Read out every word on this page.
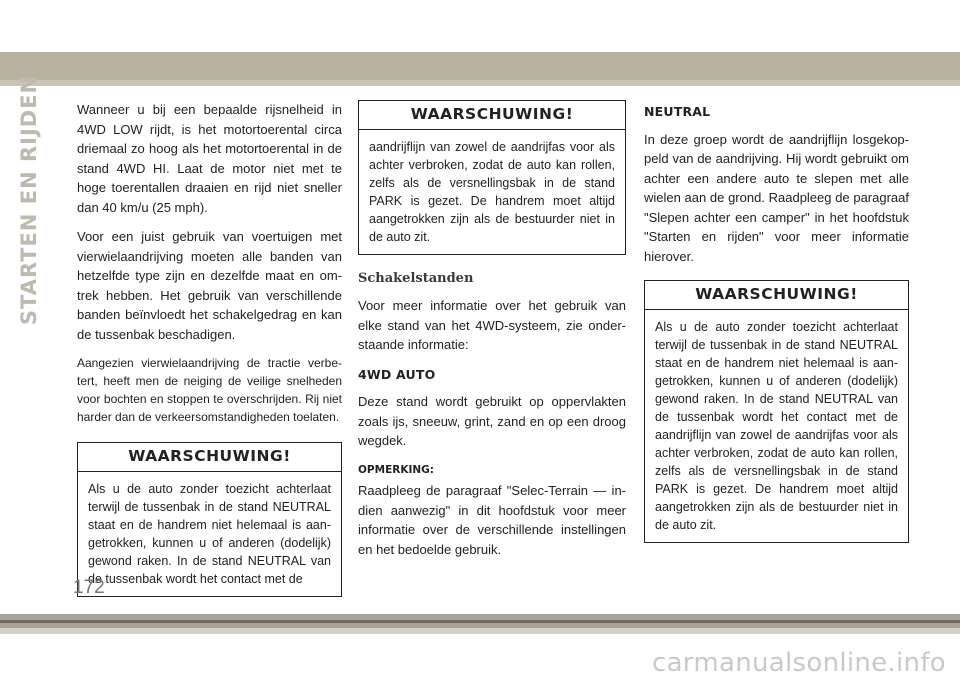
STARTEN EN RIJDEN	Wanneer u bij een bepaalde rijsnelheid in 4WD LOW rijdt, is het motortoerental circa driemaal zo hoog als het motortoerental in de stand 4WD HI. Laat de motor niet met te hoge toerentallen draaien en rijd niet sneller dan 40 km/u (25 mph).

Voor een juist gebruik van voertuigen met vierwielaandrijving moeten alle banden van hetzelfde type zijn en dezelfde maat en om-trek hebben. Het gebruik van verschillende banden beïnvloedt het schakelgedrag en kan de tussenbak beschadigen.

Aangezien vierwielaandrijving de tractie verbe-tert, heeft men de neiging de veilige snelheden voor bochten en stoppen te overschrijden. Rij niet harder dan de verkeersomstandigheden toelaten.

WAARSCHUWING!
Als u de auto zonder toezicht achterlaat terwijl de tussenbak in de stand NEUTRAL staat en de handrem niet helemaal is aan-getrokken, kunnen u of anderen (dodelijk) gewond raken. In de stand NEUTRAL van de tussenbak wordt het contact met de
WAARSCHUWING!
aandrijflijn van zowel de aandrijfas voor als achter verbroken, zodat de auto kan rollen, zelfs als de versnellingsbak in de stand PARK is gezet. De handrem moet altijd aangetrokken zijn als de bestuurder niet in de auto zit.
Schakelstanden

Voor meer informatie over het gebruik van elke stand van het 4WD-systeem, zie onder-staande informatie:

4WD AUTO

Deze stand wordt gebruikt op oppervlakten zoals ijs, sneeuw, grint, zand en op een droog wegdek.

OPMERKING:

Raadpleeg de paragraaf "Selec-Terrain — in-dien aanwezig" in dit hoofdstuk voor meer informatie over de verschillende instellingen en het bedoelde gebruik.

NEUTRAL

In deze groep wordt de aandrijflijn losgekop-peld van de aandrijving. Hij wordt gebruikt om achter een andere auto te slepen met alle wielen aan de grond. Raadpleeg de paragraaf "Slepen achter een camper" in het hoofdstuk "Starten en rijden" voor meer informatie hierover.

WAARSCHUWING!
Als u de auto zonder toezicht achterlaat terwijl de tussenbak in de stand NEUTRAL staat en de handrem niet helemaal is aan-getrokken, kunnen u of anderen (dodelijk) gewond raken. In de stand NEUTRAL van de tussenbak wordt het contact met de aandrijflijn van zowel de aandrijfas voor als achter verbroken, zodat de auto kan rollen, zelfs als de versnellingsbak in de stand PARK is gezet. De handrem moet altijd aangetrokken zijn als de bestuurder niet in de auto zit.
172
carmanualsonline.info
